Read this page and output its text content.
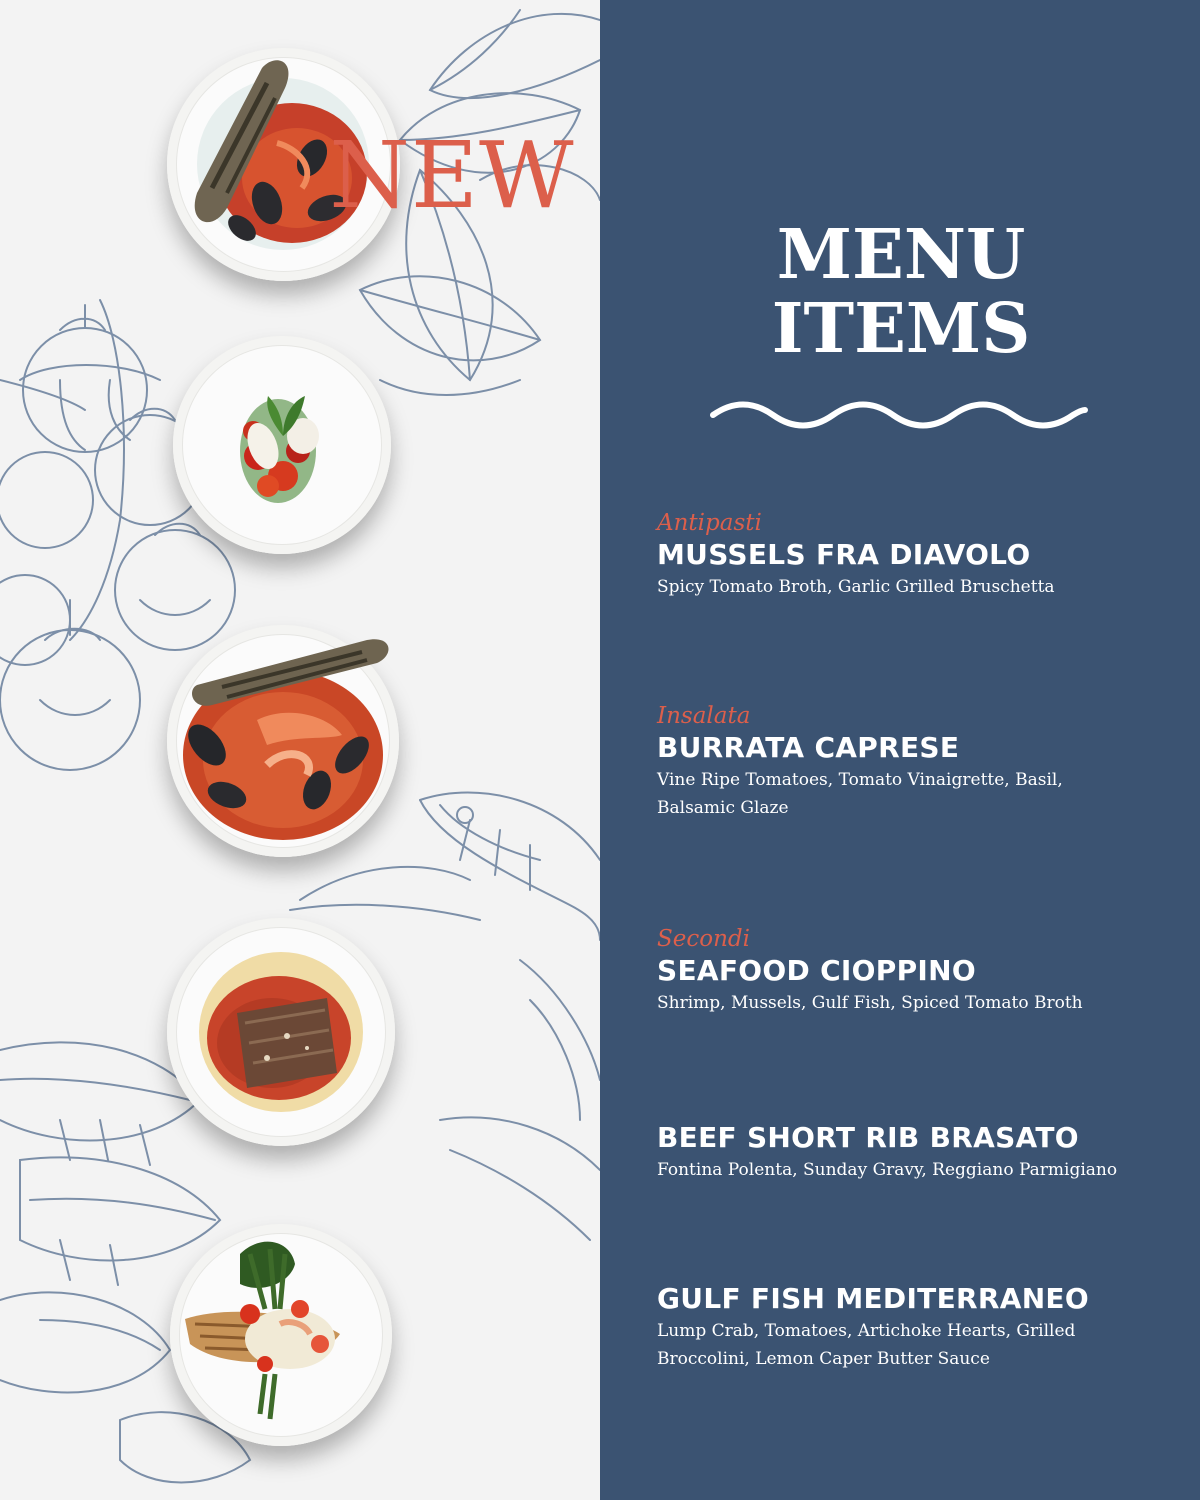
NEW
MENU
ITEMS
Antipasti
MUSSELS FRA DIAVOLO
Spicy Tomato Broth, Garlic Grilled Bruschetta
Insalata
BURRATA CAPRESE
Vine Ripe Tomatoes, Tomato Vinaigrette, Basil,
Balsamic Glaze
Secondi
SEAFOOD CIOPPINO
Shrimp, Mussels, Gulf Fish, Spiced Tomato Broth
BEEF SHORT RIB BRASATO
Fontina Polenta, Sunday Gravy, Reggiano Parmigiano
GULF FISH MEDITERRANEO
Lump Crab, Tomatoes, Artichoke Hearts, Grilled
Broccolini, Lemon Caper Butter Sauce
